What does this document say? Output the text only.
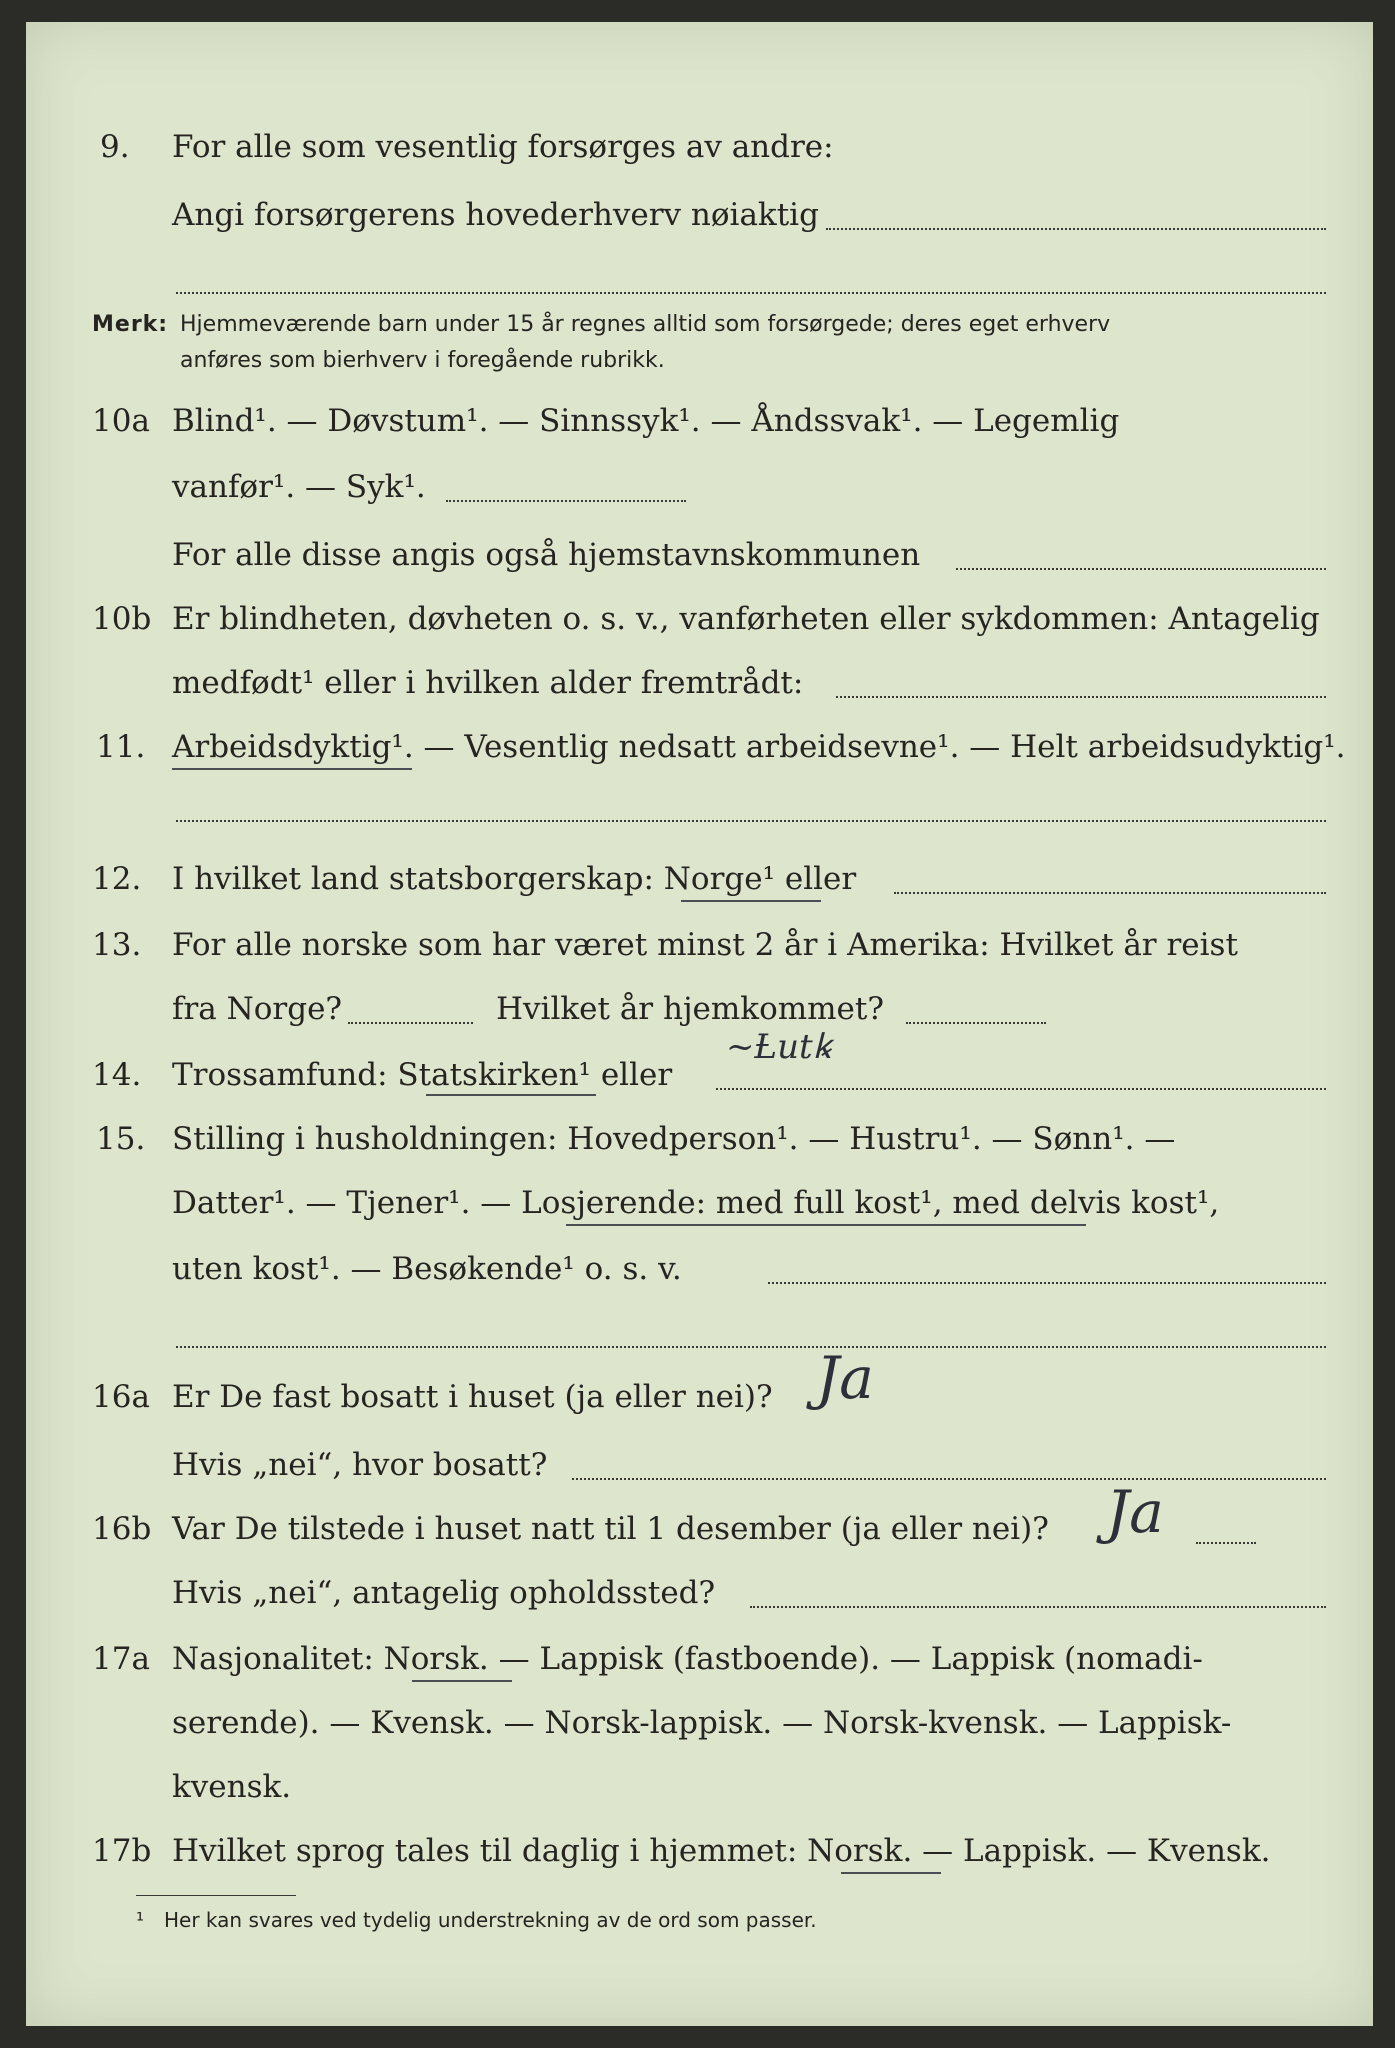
9. For alle som vesentlig forsørges av andre:
Angi forsørgerens hovederhverv nøiaktig
Merk: Hjemmeværende barn under 15 år regnes alltid som forsørgede; deres eget erhverv
anføres som bierhverv i foregående rubrikk.
10a Blind¹. — Døvstum¹. — Sinnssyk¹. — Åndssvak¹. — Legemlig
vanfør¹. — Syk¹.
For alle disse angis også hjemstavnskommunen
10b Er blindheten, døvheten o. s. v., vanførheten eller sykdommen: Antagelig
medfødt¹ eller i hvilken alder fremtrådt:
11. Arbeidsdyktig¹. — Vesentlig nedsatt arbeidsevne¹. — Helt arbeidsudyktig¹.
12. I hvilket land statsborgerskap: Norge¹ eller
13. For alle norske som har været minst 2 år i Amerika: Hvilket år reist
fra Norge?	Hvilket år hjemkommet?
14. Trossamfund: Statskirken¹ eller
~Ƚutꝃ
15. Stilling i husholdningen: Hovedperson¹. — Hustru¹. — Sønn¹. —
Datter¹. — Tjener¹. — Losjerende: med full kost¹, med delvis kost¹,
uten kost¹. — Besøkende¹ o. s. v.
16a Er De fast bosatt i huset (ja eller nei)? Ja
Hvis „nei“, hvor bosatt?
16b Var De tilstede i huset natt til 1 desember (ja eller nei)? Ja
Hvis „nei“, antagelig opholdssted?
17a Nasjonalitet: Norsk. — Lappisk (fastboende). — Lappisk (nomadi-
serende). — Kvensk. — Norsk-lappisk. — Norsk-kvensk. — Lappisk-
kvensk.
17b Hvilket sprog tales til daglig i hjemmet: Norsk. — Lappisk. — Kvensk.
¹ Her kan svares ved tydelig understrekning av de ord som passer.
